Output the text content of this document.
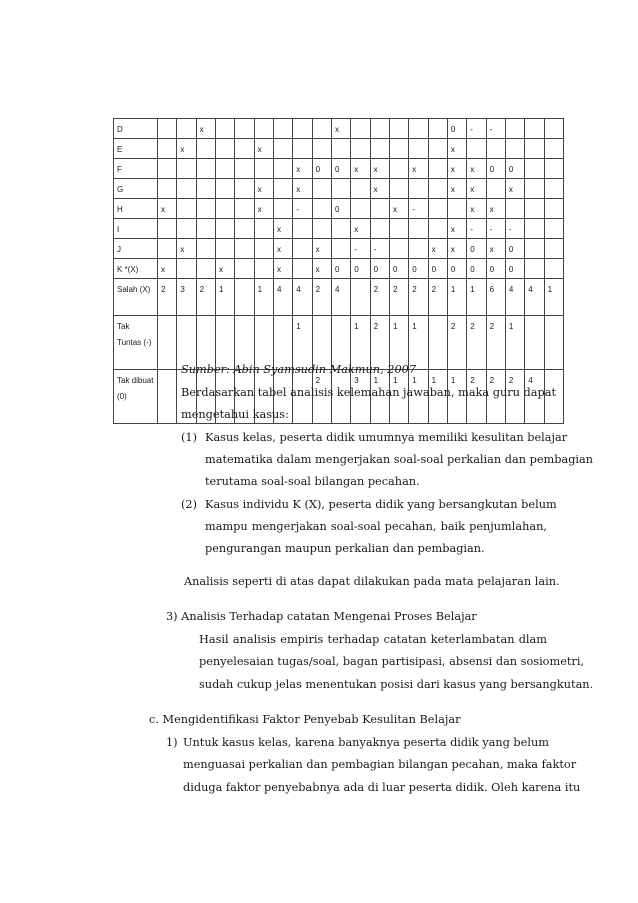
D			x							x						0	-	-			
E		x				x										x					
F								x	0	0	x	x		x		x	x	0	0		
G						x		x				x				x	x		x		
H	x					x		-		0			x	-			x	x			
I							x				x					x	-	-	-		
J		x					x		x		-	-			x	x	0	x	0		
K *(X)	x			x			x		x	0	0	0	0	0	0	0	0	0	0		
Salah (X)	2	3	2	1		1	4	4	2	4		2	2	2	2	1	1	6	4	4	1
Tak Tuntas (-)								1			1	2	1	1		2	2	2	1		
Tak dibuat (0)									2		3	1	1	1	1	1	2	2	2	4	
Sumber: Abin Syamsudin Makmun, 2007
Berdasarkan tabel analisis kelemahan jawaban, maka guru dapat
mengetahui kasus:
(1) Kasus kelas, peserta didik umumnya memiliki kesulitan belajar
matematika dalam mengerjakan soal-soal perkalian dan pembagian
terutama soal-soal bilangan pecahan.
(2) Kasus individu K (X), peserta didik yang bersangkutan belum
mampu mengerjakan soal-soal pecahan, baik penjumlahan,
pengurangan maupun perkalian dan pembagian.
Analisis seperti di atas dapat dilakukan pada mata pelajaran lain.
3) Analisis Terhadap catatan Mengenai Proses Belajar
Hasil analisis empiris terhadap catatan keterlambatan dlam
penyelesaian tugas/soal, bagan partisipasi, absensi dan sosiometri,
sudah cukup jelas menentukan posisi dari kasus yang bersangkutan.
c. Mengidentifikasi Faktor Penyebab Kesulitan Belajar
1) Untuk kasus kelas, karena banyaknya peserta didik yang belum
menguasai perkalian dan pembagian bilangan pecahan, maka faktor
diduga faktor penyebabnya ada di luar peserta didik. Oleh karena itu
